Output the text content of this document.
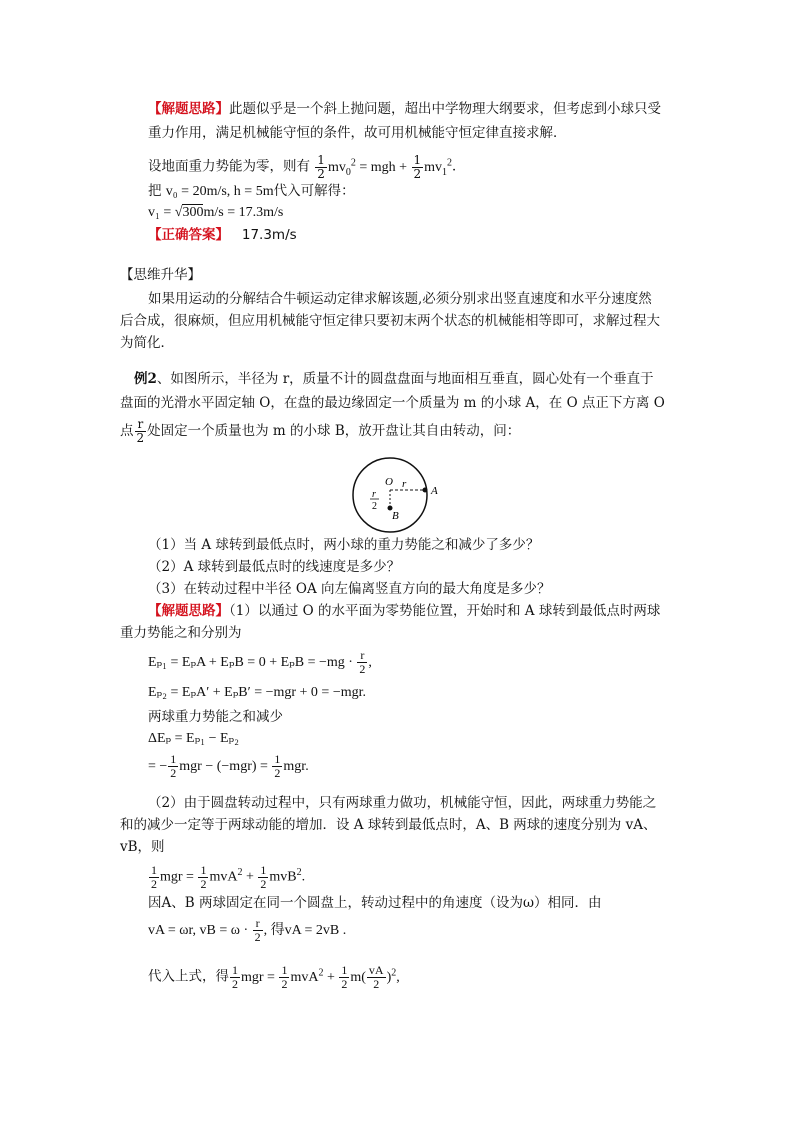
【解题思路】此题似乎是一个斜上抛问题，超出中学物理大纲要求，但考虑到小球只受
重力作用，满足机械能守恒的条件，故可用机械能守恒定律直接求解．
设地面重力势能为零，则有 $\frac{1}{2} mv_0^2$ = mgh + $\frac{1}{2} mv_1^2$．
把 v₀ = 20m/s, h = 5m代入可解得：
v₁ = √300m/s = 17.3m/s
【正确答案】 17.3m/s
【思维升华】
如果用运动的分解结合牛顿运动定律求解该题,必须分别求出竖直速度和水平分速度然
后合成，很麻烦，但应用机械能守恒定律只要初末两个状态的机械能相等即可，求解过程大
为简化．
例2、如图所示，半径为 r，质量不计的圆盘盘面与地面相互垂直，圆心处有一个垂直于
盘面的光滑水平固定轴 O，在盘的最边缘固定一个质量为 m 的小球 A，在 O 点正下方离 O
点 $\frac{r}{2}$ 处固定一个质量也为 m 的小球 B，放开盘让其自由转动，问：
O r
A
B
r
2
（1）当 A 球转到最低点时，两小球的重力势能之和减少了多少？
（2）A 球转到最低点时的线速度是多少？
（3）在转动过程中半径 OA 向左偏离竖直方向的最大角度是多少？
【解题思路】（1）以通过 O 的水平面为零势能位置，开始时和 A 球转到最低点时两球
重力势能之和分别为
$E_{p1} = E_pA + E_pB = 0 + E_pB = -mg \cdot \frac{r}{2}$ ,
Eₚ₂ = EₚA′ + EₚB′ = −mgr + 0 = −mgr.
两球重力势能之和减少
ΔEₚ = Eₚ₁ − Eₚ₂
= − $\frac{1}{2}$ mgr − $(-mgr) = \frac{1}{2}$ mgr.
（2）由于圆盘转动过程中，只有两球重力做功，机械能守恒，因此，两球重力势能之
和的减少一定等于两球动能的增加．设 A 球转到最低点时，A、B 两球的速度分别为 vA、
vB，则
$\frac{1}{2}$ mgr = $\frac{1}{2} mvA^2 + \frac{1}{2} mvB^2$.
因A、B 两球固定在同一个圆盘上，转动过程中的角速度（设为ω）相同．由
vA = ωr, vB = $\omega \cdot \frac{r}{2}$ , 得vA = 2vB .
代入上式，得 $\frac{1}{2}$ mgr = $\frac{1}{2} mvA^2 + \frac{1}{2} m( \frac{vA}{2} )^2$,
